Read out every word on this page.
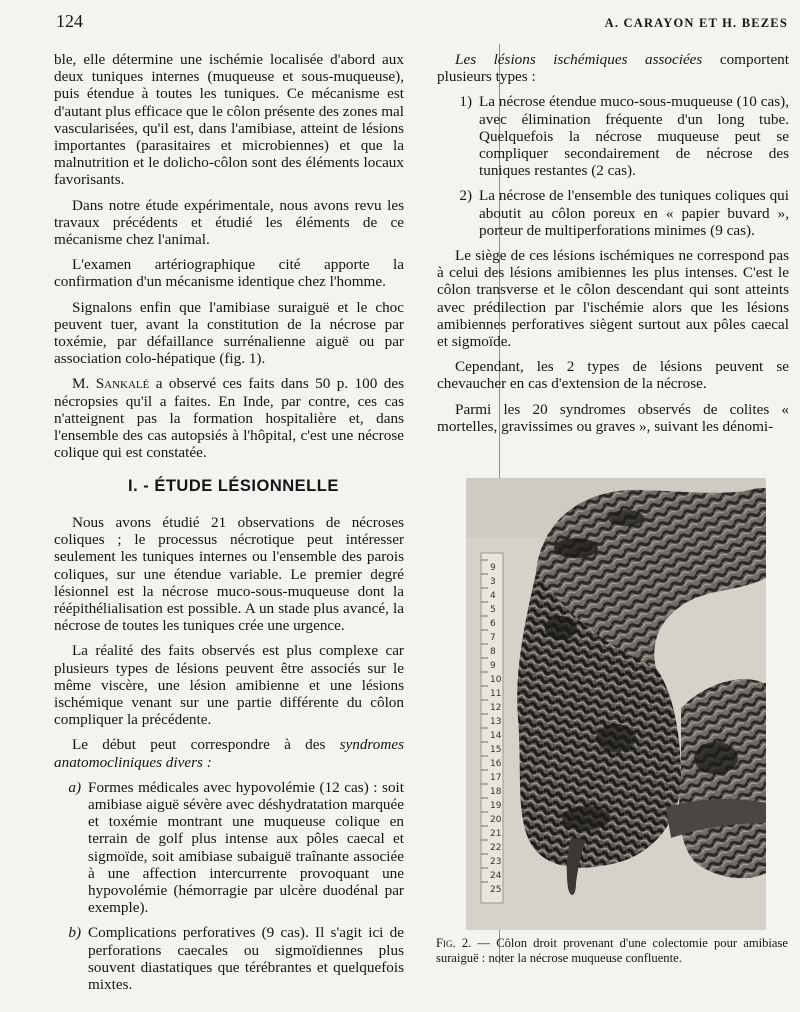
124	A. CARAYON ET H. BEZES

ble, elle détermine une ischémie localisée d'abord aux deux tuniques internes (muqueuse et sous-muqueuse), puis étendue à toutes les tuniques. Ce mécanisme est d'autant plus efficace que le côlon présente des zones mal vascularisées, qu'il est, dans l'amibiase, atteint de lésions importantes (parasitaires et microbiennes) et que la malnutrition et le dolicho-côlon sont des éléments locaux favorisants.

Dans notre étude expérimentale, nous avons revu les travaux précédents et étudié les éléments de ce mécanisme chez l'animal.

L'examen artériographique cité apporte la confirmation d'un mécanisme identique chez l'homme.

Signalons enfin que l'amibiase suraiguë et le choc peuvent tuer, avant la constitution de la nécrose par toxémie, par défaillance surrénalienne aiguë ou par association colo-hépatique (fig. 1).

M. Sankalé a observé ces faits dans 50 p. 100 des nécropsies qu'il a faites. En Inde, par contre, ces cas n'atteignent pas la formation hospitalière et, dans l'ensemble des cas autopsiés à l'hôpital, c'est une nécrose colique qui est constatée.

Les lésions ischémiques associées comportent plusieurs types :

1) La nécrose étendue muco-sous-muqueuse (10 cas), avec élimination fréquente d'un long tube. Quelquefois la nécrose muqueuse peut se compliquer secondairement de nécrose des tuniques restantes (2 cas).
2) La nécrose de l'ensemble des tuniques coliques qui aboutit au côlon poreux en « papier buvard », porteur de multiperforations minimes (9 cas).

Le siège de ces lésions ischémiques ne correspond pas à celui des lésions amibiennes les plus intenses. C'est le côlon transverse et le côlon descendant qui sont atteints avec prédilection par l'ischémie alors que les lésions amibiennes perforatives siègent surtout aux pôles caecal et sigmoïde.

Cependant, les 2 types de lésions peuvent se chevaucher en cas d'extension de la nécrose.

Parmi les 20 syndromes observés de colites « mortelles, gravissimes ou graves », suivant les dénomi-

I. - ÉTUDE LÉSIONNELLE

Nous avons étudié 21 observations de nécroses coliques ; le processus nécrotique peut intéresser seulement les tuniques internes ou l'ensemble des parois coliques, sur une étendue variable. Le premier degré lésionnel est la nécrose muco-sous-muqueuse dont la réépithélialisation est possible. A un stade plus avancé, la nécrose de toutes les tuniques crée une urgence.

La réalité des faits observés est plus complexe car plusieurs types de lésions peuvent être associés sur le même viscère, une lésion amibienne et une lésions ischémique venant sur une partie différente du côlon compliquer la précédente.

Le début peut correspondre à des syndromes anatomocliniques divers :

a) Formes médicales avec hypovolémie (12 cas) : soit amibiase aiguë sévère avec déshydratation marquée et toxémie montrant une muqueuse colique en terrain de golf plus intense aux pôles caecal et sigmoïde, soit amibiase subaiguë traînante associée à une affection intercurrente provoquant une hypovolémie (hémorragie par ulcère duodénal par exemple).
b) Complications perforatives (9 cas). Il s'agit ici de perforations caecales ou sigmoïdiennes plus souvent diastatiques que térébrantes et quelquefois mixtes.
9
3
4
5
6
7
8
9
10
11
12
13
14
15
16
17
18
19
20
21
22
23
24
25
Fig. 2. — Côlon droit provenant d'une colectomie pour amibiase suraiguë : noter la nécrose muqueuse confluente.
